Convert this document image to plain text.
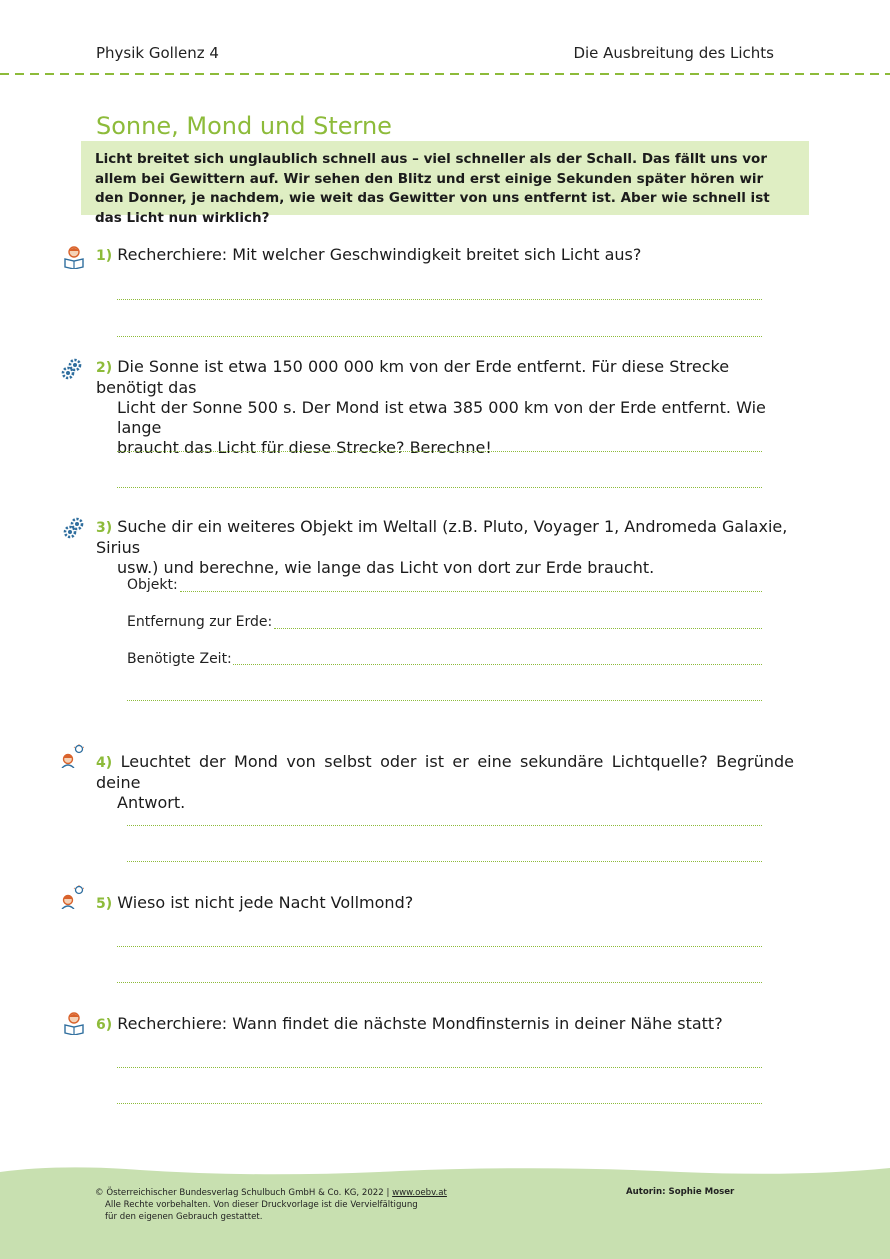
Physik Gollenz 4	Die Ausbreitung des Lichts
Sonne, Mond und Sterne
Licht breitet sich unglaublich schnell aus – viel schneller als der Schall. Das fällt uns vor allem bei Gewittern auf. Wir sehen den Blitz und erst einige Sekunden später hören wir den Donner, je nachdem, wie weit das Gewitter von uns entfernt ist. Aber wie schnell ist das Licht nun wirklich?
1) Recherchiere: Mit welcher Geschwindigkeit breitet sich Licht aus?
2) Die Sonne ist etwa 150 000 000 km von der Erde entfernt. Für diese Strecke benötigt das
Licht der Sonne 500 s. Der Mond ist etwa 385 000 km von der Erde entfernt. Wie lange
braucht das Licht für diese Strecke? Berechne!
3) Suche dir ein weiteres Objekt im Weltall (z.B. Pluto, Voyager 1, Andromeda Galaxie, Sirius
usw.) und berechne, wie lange das Licht von dort zur Erde braucht.
Objekt:
Entfernung zur Erde:
Benötigte Zeit:
4) Leuchtet der Mond von selbst oder ist er eine sekundäre Lichtquelle? Begründe deine
Antwort.
5) Wieso ist nicht jede Nacht Vollmond?
6) Recherchiere: Wann findet die nächste Mondfinsternis in deiner Nähe statt?
© Österreichischer Bundesverlag Schulbuch GmbH & Co. KG, 2022 | www.oebv.at
Alle Rechte vorbehalten. Von dieser Druckvorlage ist die Vervielfältigung
für den eigenen Gebrauch gestattet.
Autorin: Sophie Moser
